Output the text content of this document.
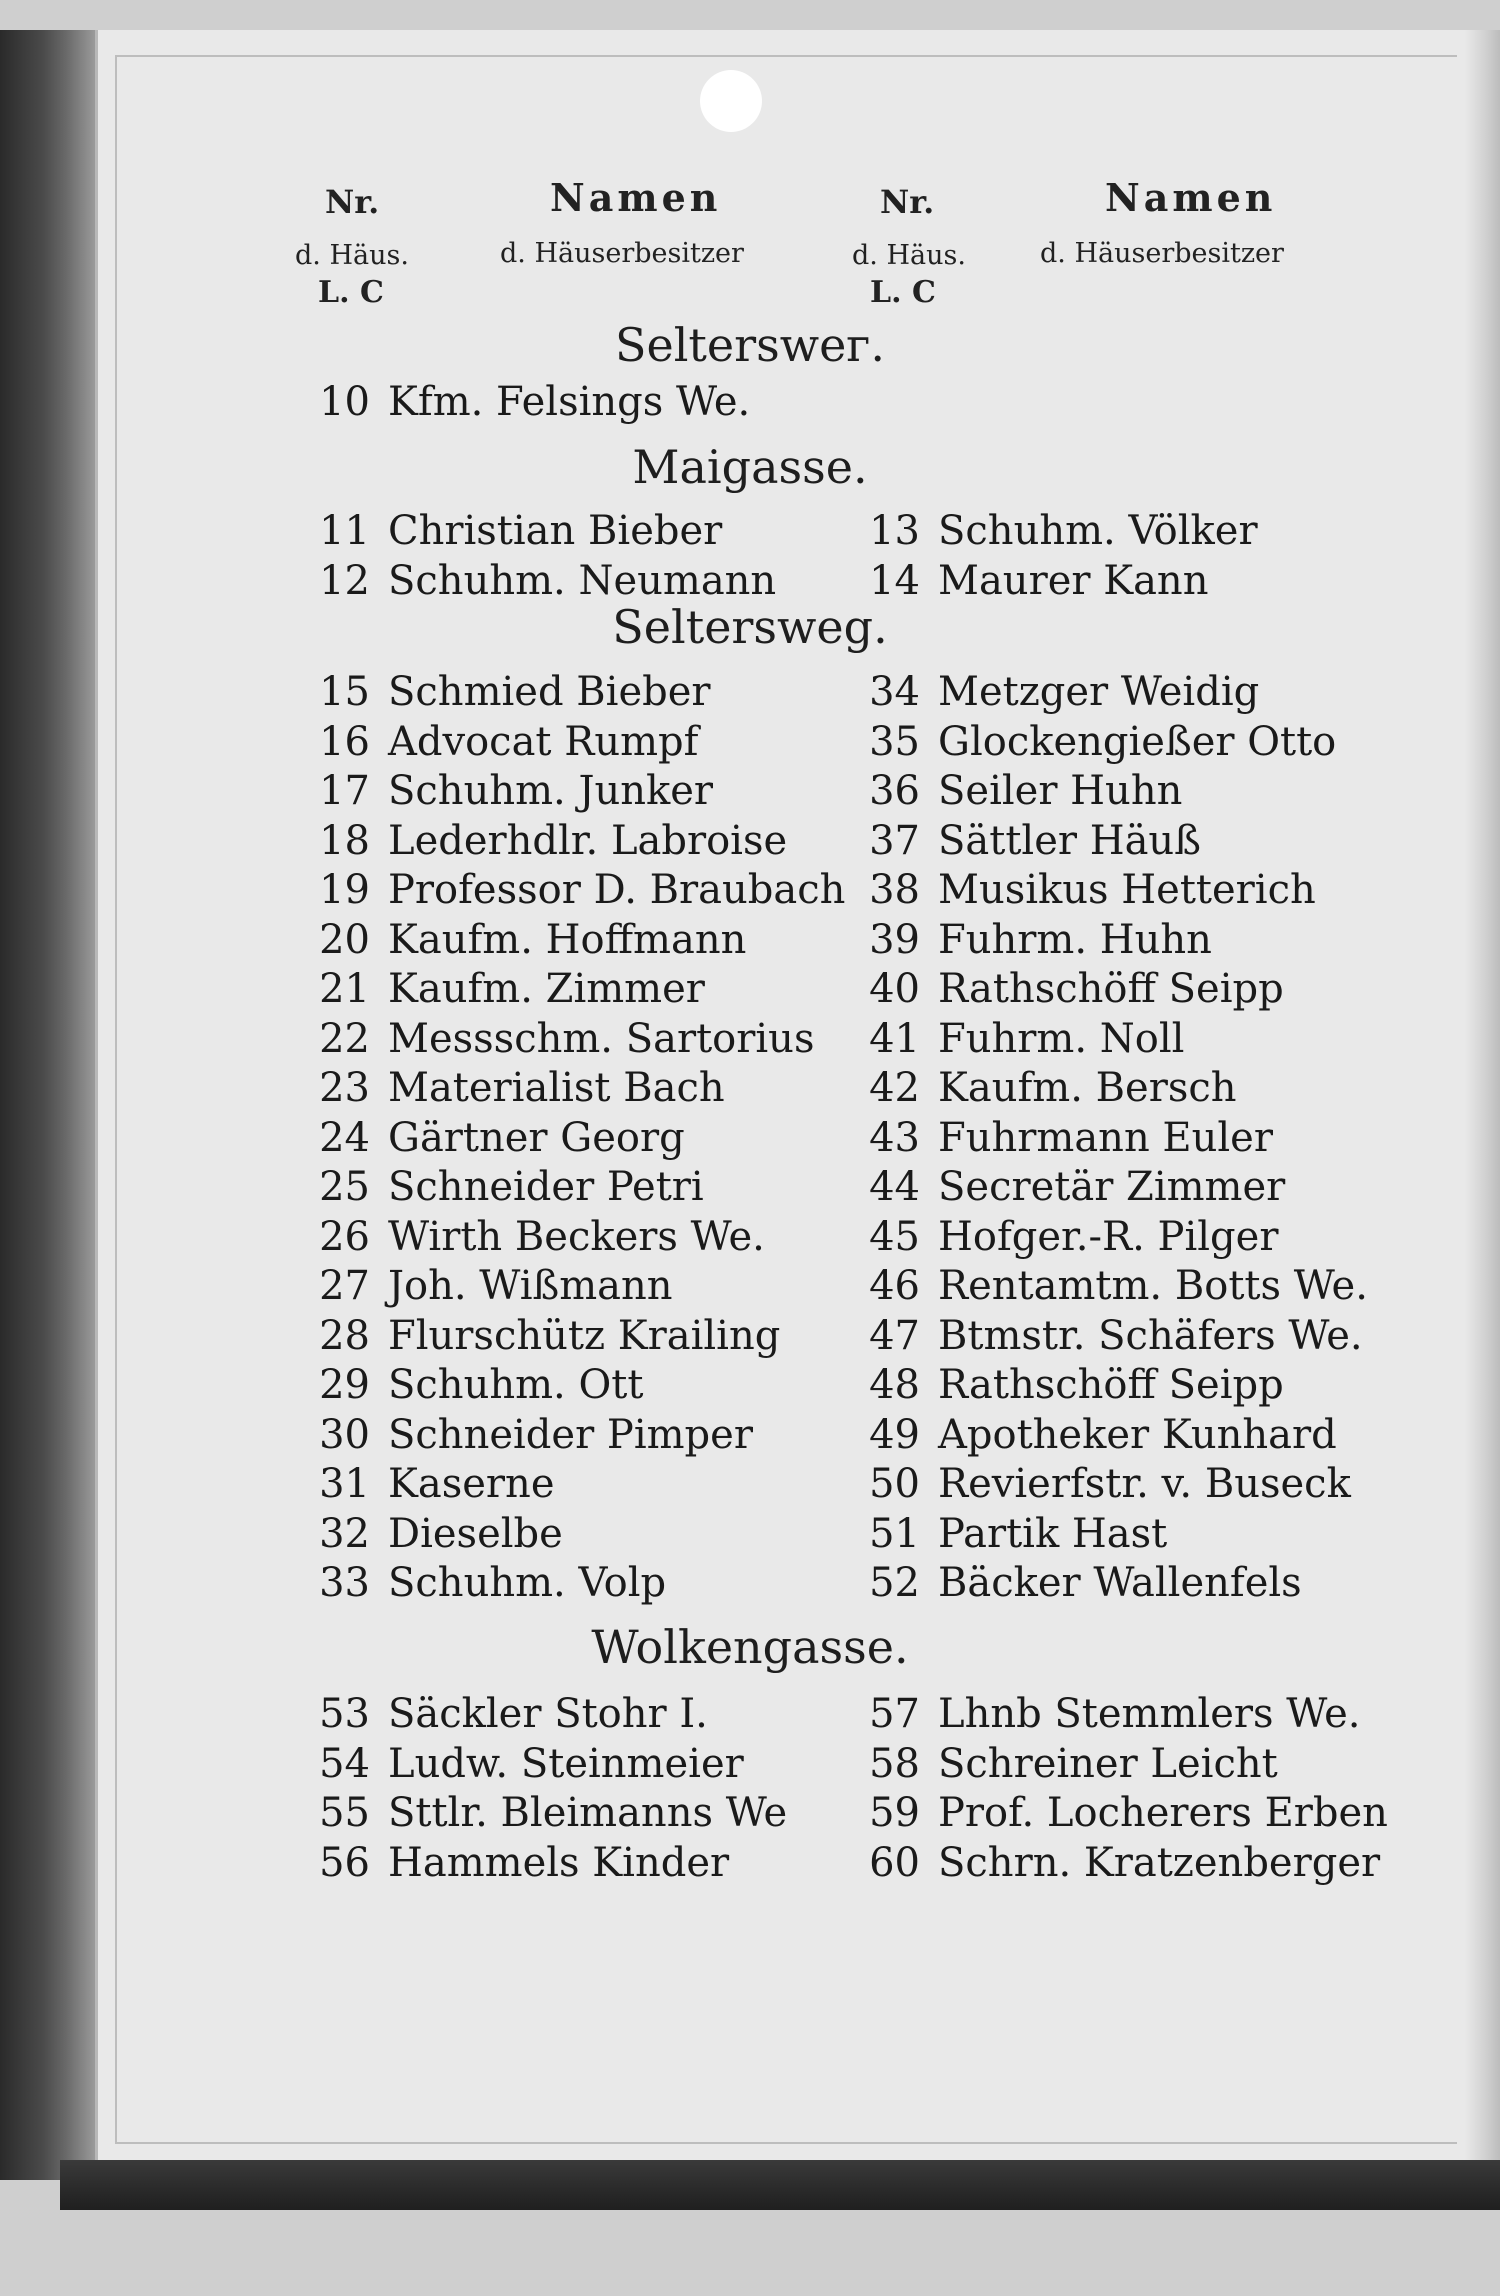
Nr.
d. Häus.
L. C
Namen
d. Häuserbesitzer
Nr.
d. Häus.
L. C
Namen
d. Häuserbesitzer
Selterswег.
10 Kfm. Felsings We.
Maigasse.
11 Christian Bieber
12 Schuhm. Neumann
13 Schuhm. Völker
14 Maurer Kann
Selterswеg.
15 Schmied Bieber
16 Advocat Rumpf
17 Schuhm. Junker
18 Lederhdlr. Labroise
19 Professor D. Braubach
20 Kaufm. Hoffmann
21 Kaufm. Zimmer
22 Messschm. Sartorius
23 Materialist Bach
24 Gärtner Georg
25 Schneider Petri
26 Wirth Beckers We.
27 Joh. Wißmann
28 Flurschütz Krailing
29 Schuhm. Ott
30 Schneider Pimper
31 Kaserne
32 Dieselbe
33 Schuhm. Volp
34 Metzger Weidig
35 Glockengießer Otto
36 Seiler Huhn
37 Sättler Häuß
38 Musikus Hetterich
39 Fuhrm. Huhn
40 Rathschöff Seipp
41 Fuhrm. Noll
42 Kaufm. Bersch
43 Fuhrmann Euler
44 Secretär Zimmer
45 Hofger.-R. Pilger
46 Rentamtm. Botts We.
47 Btmstr. Schäfers We.
48 Rathschöff Seipp
49 Apotheker Kunhard
50 Revierfstr. v. Buseck
51 Partik Hast
52 Bäcker Wallenfels
Wolkengasse.
53 Säckler Stohr I.
54 Ludw. Steinmeier
55 Sttlr. Bleimanns We
56 Hammels Kinder
57 Lhnb Stemmlers We.
58 Schreiner Leicht
59 Prof. Locherers Erben
60 Schrn. Kratzenberger
